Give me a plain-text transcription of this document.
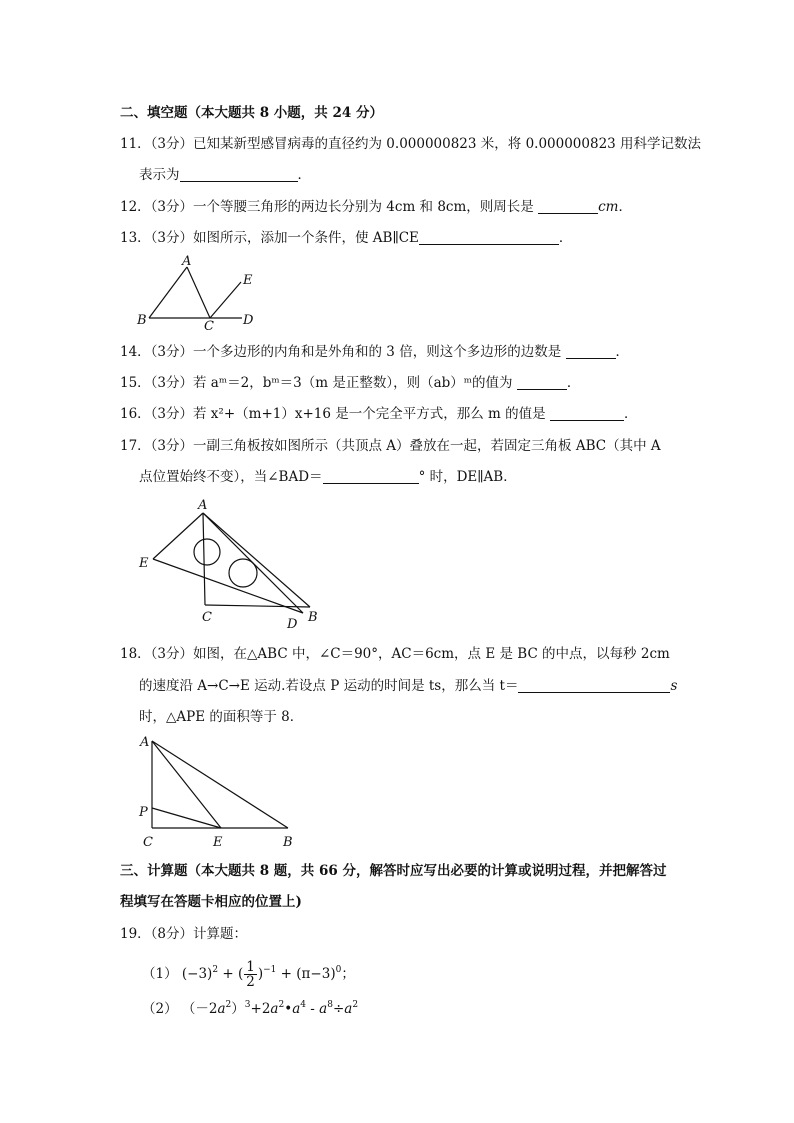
二、填空题（本大题共 8 小题，共 24 分）
11．（3分）已知某新型感冒病毒的直径约为 0.000000823 米，将 0.000000823 用科学记数法
表示为	．
12．（3分）一个等腰三角形的两边长分别为 4cm 和 8cm，则周长是	cm．
13．（3分）如图所示，添加一个条件，使 AB∥CE	．
A
B	C D
E
14．（3分）一个多边形的内角和是外角和的 3 倍，则这个多边形的边数是	．
15．（3分）若 aᵐ＝2，bᵐ＝3（m 是正整数），则（ab）ᵐ的值为	．
16．（3分）若 x²+（m+1）x+16 是一个完全平方式，那么 m 的值是	．
17．（3分）一副三角板按如图所示（共顶点 A）叠放在一起，若固定三角板 ABC（其中 A
点位置始终不变），当∠BAD＝	° 时，DE∥AB．
A
E
C	D B
18．（3分）如图，在△ABC 中，∠C＝90°，AC＝6cm，点 E 是 BC 的中点，以每秒 2cm
的速度沿 A→C→E 运动.若设点 P 运动的时间是 ts，那么当 t＝	s
时，△APE 的面积等于 8．
A
P
C	E	B
三、计算题（本大题共 8 题，共 66 分，解答时应写出必要的计算或说明过程，并把解答过
程填写在答题卡相应的位置上)
19．（8分）计算题：
（1） $(-3)^2$ + ( $\frac{1}{2} )^{-1} + (\pi-3)^0$；
（2） $(-2a^2)^3+2a^2•a^4 - a^8\div a^2$
